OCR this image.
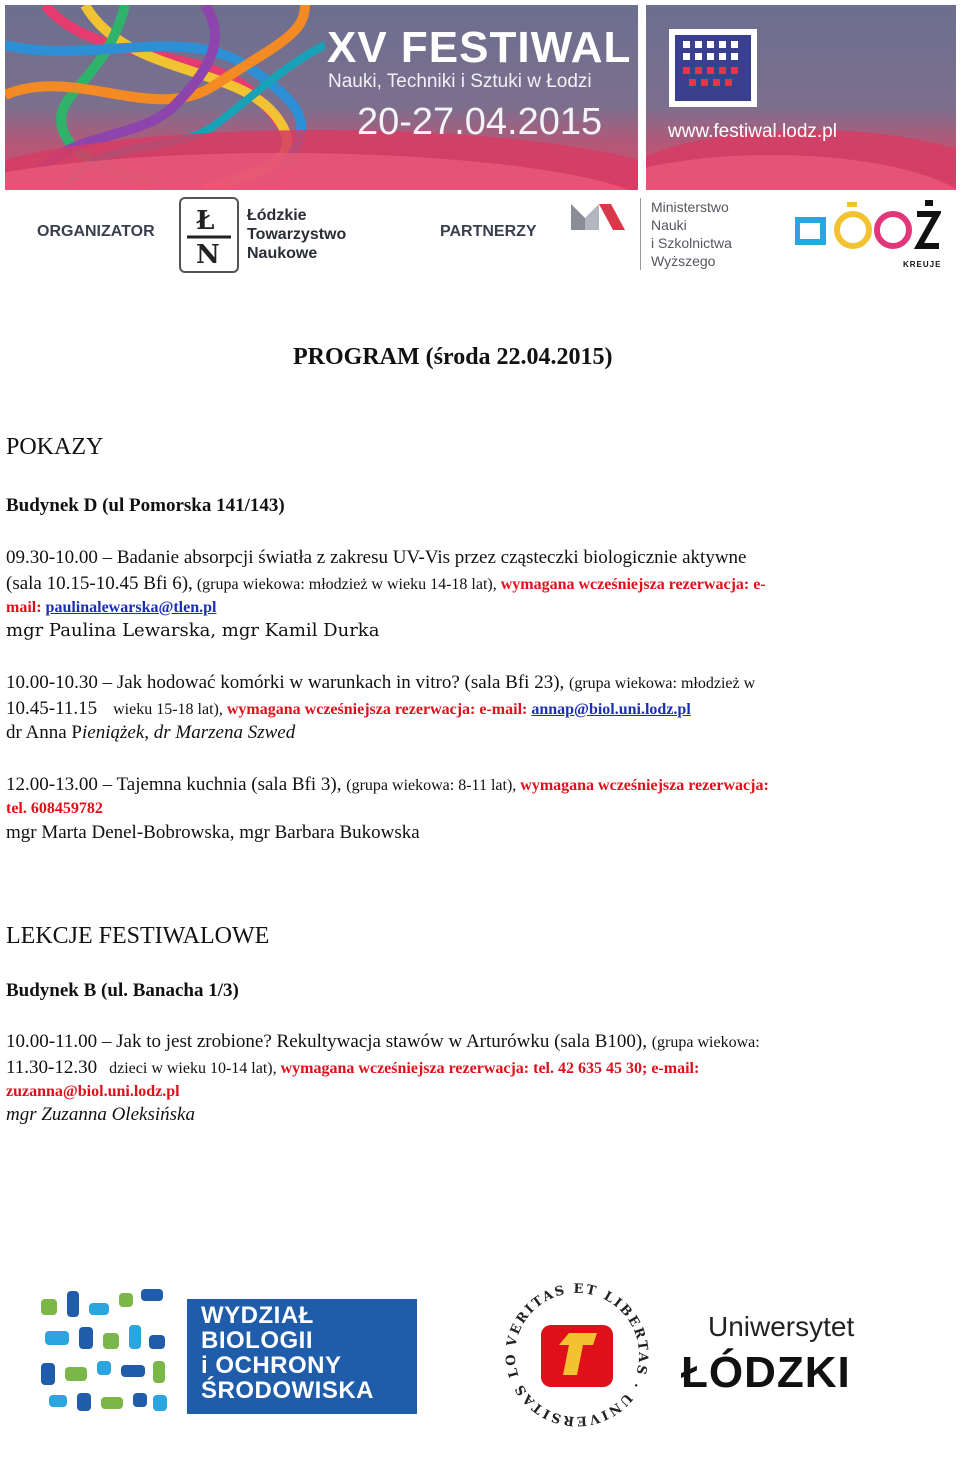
XV FESTIWAL
Nauki, Techniki i Sztuki w Łodzi
20-27.04.2015	www.festiwal.lodz.pl
ORGANIZATOR Ł
N
Łódzkie
Towarzystwo
Naukowe
PARTNERZY
Ministerstwo
Nauki
i Szkolnictwa
Wyższego	KREUJE
PROGRAM (środa 22.04.2015)
POKAZY
Budynek D (ul Pomorska 141/143)
09.30-10.00 – Badanie absorpcji światła z zakresu UV-Vis przez cząsteczki biologicznie aktywne
(sala 10.15-10.45 Bfi 6), (grupa wiekowa: młodzież w wieku 14-18 lat), wymagana wcześniejsza rezerwacja: e-
mail: paulinalewarska@tlen.pl
mgr Paulina Lewarska, mgr Kamil Durka
10.00-10.30 – Jak hodować komórki w warunkach in vitro? (sala Bfi 23), (grupa wiekowa: młodzież w
10.45-11.15    wieku 15-18 lat), wymagana wcześniejsza rezerwacja: e-mail: annap@biol.uni.lodz.pl
dr Anna Pieniążek, dr Marzena Szwed
12.00-13.00 – Tajemna kuchnia (sala Bfi 3), (grupa wiekowa: 8-11 lat), wymagana wcześniejsza rezerwacja:
tel. 608459782
mgr Marta Denel-Bobrowska, mgr Barbara Bukowska
LEKCJE FESTIWALOWE
Budynek B (ul. Banacha 1/3)
10.00-11.00 – Jak to jest zrobione? Rekultywacja stawów w Arturówku (sala B100), (grupa wiekowa:
11.30-12.30   dzieci w wieku 10-14 lat), wymagana wcześniejsza rezerwacja: tel. 42 635 45 30; e-mail:
zuzanna@biol.uni.lodz.pl
mgr Zuzanna Oleksińska
WYDZIAŁ
BIOLOGII
i OCHRONY
ŚRODOWISKA
VERITAS ET LIBERTAS · UNIVERSITAS LO
Uniwersytet
ŁÓDZKI
